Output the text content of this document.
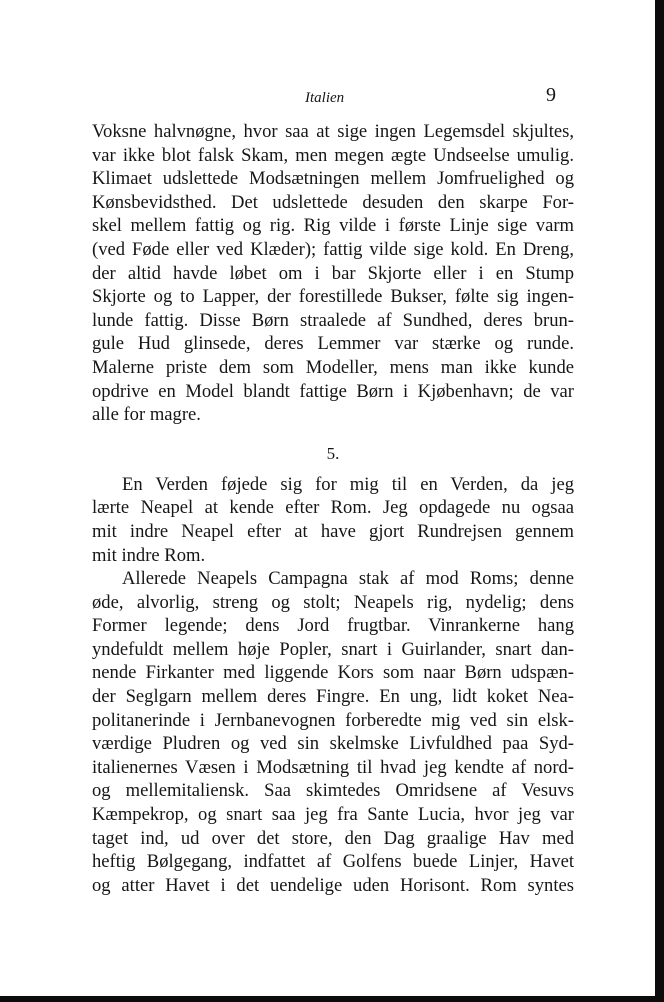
Italien	9
Voksne halvnøgne, hvor saa at sige ingen Legemsdel skjultes,
var ikke blot falsk Skam, men megen ægte Undseelse umulig.
Klimaet udslettede Modsætningen mellem Jomfruelighed og
Kønsbevidsthed. Det udslettede desuden den skarpe For-
skel mellem fattig og rig. Rig vilde i første Linje sige varm
(ved Føde eller ved Klæder); fattig vilde sige kold. En Dreng,
der altid havde løbet om i bar Skjorte eller i en Stump
Skjorte og to Lapper, der forestillede Bukser, følte sig ingen-
lunde fattig. Disse Børn straalede af Sundhed, deres brun-
gule Hud glinsede, deres Lemmer var stærke og runde.
Malerne priste dem som Modeller, mens man ikke kunde
opdrive en Model blandt fattige Børn i Kjøbenhavn; de var
alle for magre.
5.
En Verden føjede sig for mig til en Verden, da jeg
lærte Neapel at kende efter Rom. Jeg opdagede nu ogsaa
mit indre Neapel efter at have gjort Rundrejsen gennem
mit indre Rom.
Allerede Neapels Campagna stak af mod Roms; denne
øde, alvorlig, streng og stolt; Neapels rig, nydelig; dens
Former legende; dens Jord frugtbar. Vinrankerne hang
yndefuldt mellem høje Popler, snart i Guirlander, snart dan-
nende Firkanter med liggende Kors som naar Børn udspæn-
der Seglgarn mellem deres Fingre. En ung, lidt koket Nea-
politanerinde i Jernbanevognen forberedte mig ved sin elsk-
værdige Pludren og ved sin skelmske Livfuldhed paa Syd-
italienernes Væsen i Modsætning til hvad jeg kendte af nord-
og mellemitaliensk. Saa skimtedes Omridsene af Vesuvs
Kæmpekrop, og snart saa jeg fra Sante Lucia, hvor jeg var
taget ind, ud over det store, den Dag graalige Hav med
heftig Bølgegang, indfattet af Golfens buede Linjer, Havet
og atter Havet i det uendelige uden Horisont. Rom syntes
